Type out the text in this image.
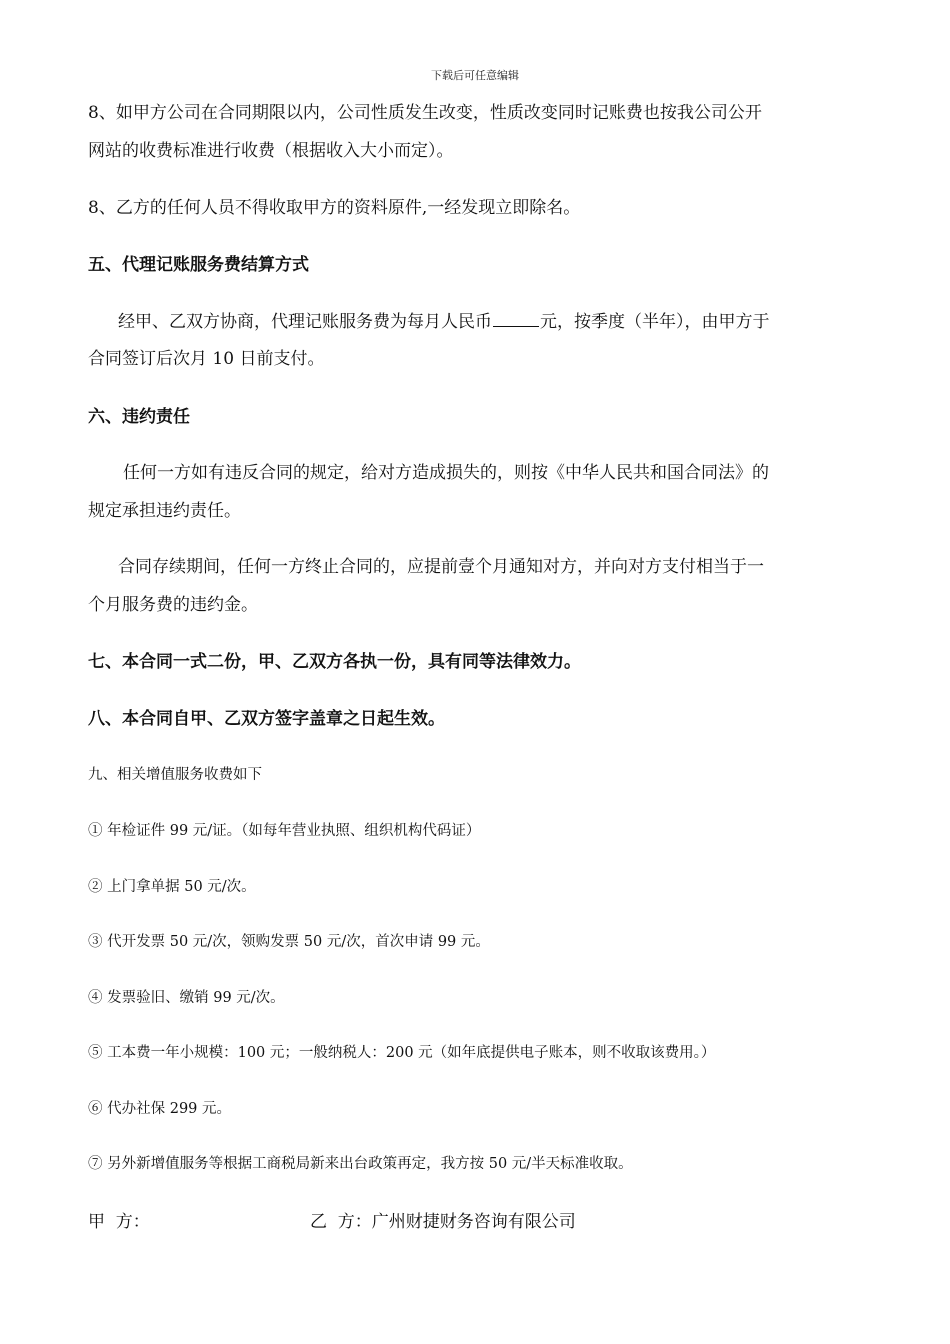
下载后可任意编辑
8、如甲方公司在合同期限以内，公司性质发生改变，性质改变同时记账费也按我公司公开
网站的收费标准进行收费（根据收入大小而定）。
8、乙方的任何人员不得收取甲方的资料原件,一经发现立即除名。
五、代理记账服务费结算方式
经甲、乙双方协商，代理记账服务费为每月人民币	元，按季度（半年），由甲方于
合同签订后次月 10 日前支付。
六、违约责任
任何一方如有违反合同的规定，给对方造成损失的，则按《中华人民共和国合同法》的
规定承担违约责任。
合同存续期间，任何一方终止合同的，应提前壹个月通知对方，并向对方支付相当于一
个月服务费的违约金。
七、本合同一式二份，甲、乙双方各执一份，具有同等法律效力。
八、本合同自甲、乙双方签字盖章之日起生效。
九、相关增值服务收费如下
① 年检证件 99 元/证。（如每年营业执照、组织机构代码证）
② 上门拿单据 50 元/次。
③ 代开发票 50 元/次，领购发票 50 元/次，首次申请 99 元。
④ 发票验旧、缴销 99 元/次。
⑤ 工本费一年小规模：100 元；一般纳税人：200 元（如年底提供电子账本，则不收取该费用。）
⑥ 代办社保 299 元。
⑦ 另外新增值服务等根据工商税局新来出台政策再定，我方按 50 元/半天标准收取。
甲  方：	乙  方：广州财捷财务咨询有限公司
